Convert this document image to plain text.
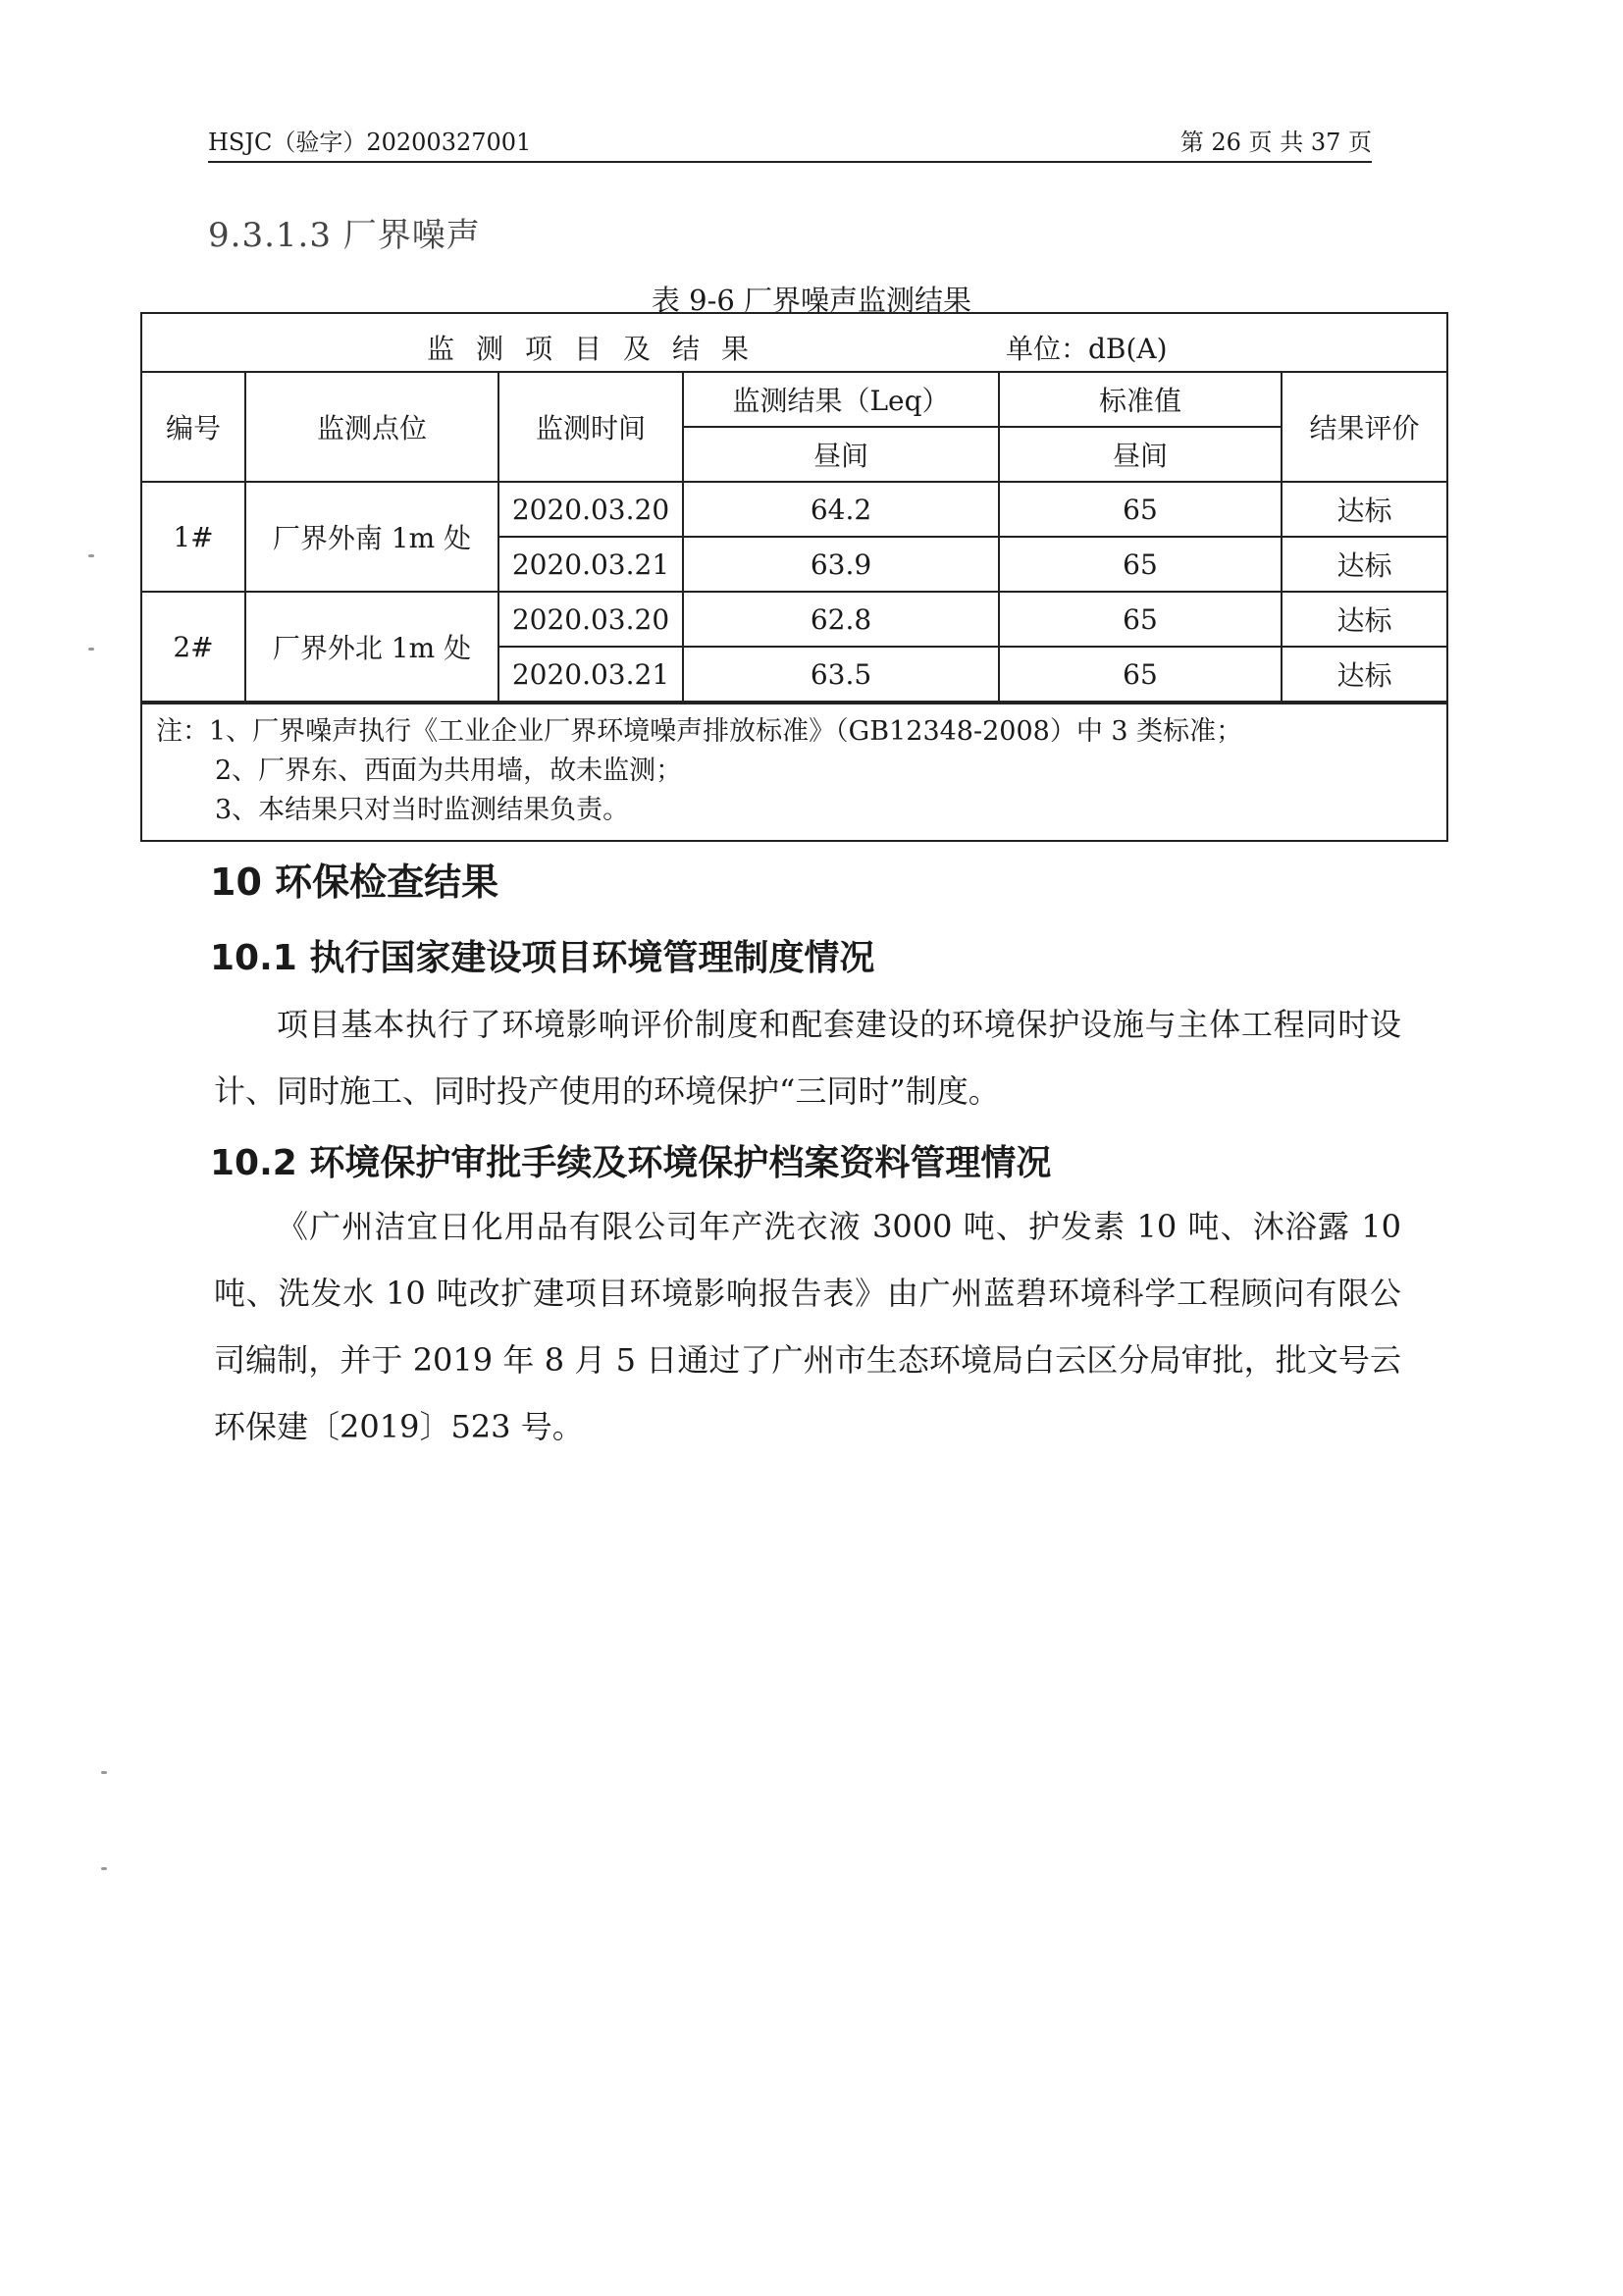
HSJC（验字）20200327001	第 26 页 共 37 页
9.3.1.3 厂界噪声
表 9-6 厂界噪声监测结果
监测项目及结果	单位：dB(A)
编号	监测点位	监测时间	监测结果（Leq）	标准值	结果评价
			昼间	昼间	
1#	厂界外南 1m 处	2020.03.20	64.2	65	达标
		2020.03.21	63.9	65	达标
2#	厂界外北 1m 处	2020.03.20	62.8	65	达标
		2020.03.21	63.5	65	达标
注：1、厂界噪声执行《工业企业厂界环境噪声排放标准》（GB12348-2008）中 3 类标准；
2、厂界东、西面为共用墙，故未监测；
3、本结果只对当时监测结果负责。
10 环保检查结果
10.1 执行国家建设项目环境管理制度情况

项目基本执行了环境影响评价制度和配套建设的环境保护设施与主体工程同时设计、同时施工、同时投产使用的环境保护“三同时”制度。

10.2 环境保护审批手续及环境保护档案资料管理情况

《广州洁宜日化用品有限公司年产洗衣液 3000 吨、护发素 10 吨、沐浴露 10 吨、洗发水 10 吨改扩建项目环境影响报告表》由广州蓝碧环境科学工程顾问有限公司编制，并于 2019 年 8 月 5 日通过了广州市生态环境局白云区分局审批，批文号云环保建〔2019〕523 号。
